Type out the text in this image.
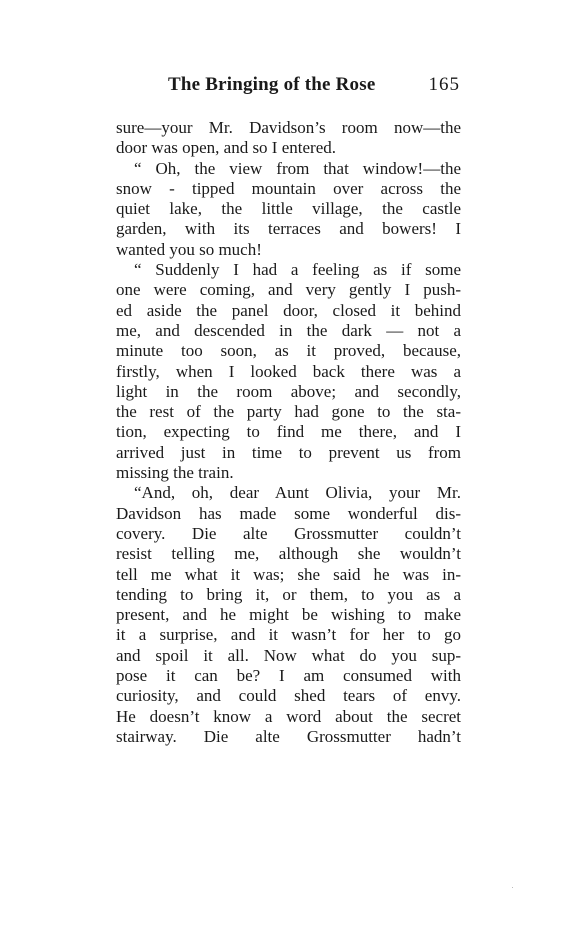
The Bringing of the Rose	165
sure—your Mr. Davidson’s room now—the
door was open, and so I entered.
“ Oh, the view from that window!—the
snow - tipped mountain over across the
quiet lake, the little village, the castle
garden, with its terraces and bowers! I
wanted you so much!
“ Suddenly I had a feeling as if some
one were coming, and very gently I push-
ed aside the panel door, closed it behind
me, and descended in the dark — not a
minute too soon, as it proved, because,
firstly, when I looked back there was a
light in the room above; and secondly,
the rest of the party had gone to the sta-
tion, expecting to find me there, and I
arrived just in time to prevent us from
missing the train.
“And, oh, dear Aunt Olivia, your Mr.
Davidson has made some wonderful dis-
covery. Die alte Grossmutter couldn’t
resist telling me, although she wouldn’t
tell me what it was; she said he was in-
tending to bring it, or them, to you as a
present, and he might be wishing to make
it a surprise, and it wasn’t for her to go
and spoil it all. Now what do you sup-
pose it can be? I am consumed with
curiosity, and could shed tears of envy.
He doesn’t know a word about the secret
stairway. Die alte Grossmutter hadn’t
